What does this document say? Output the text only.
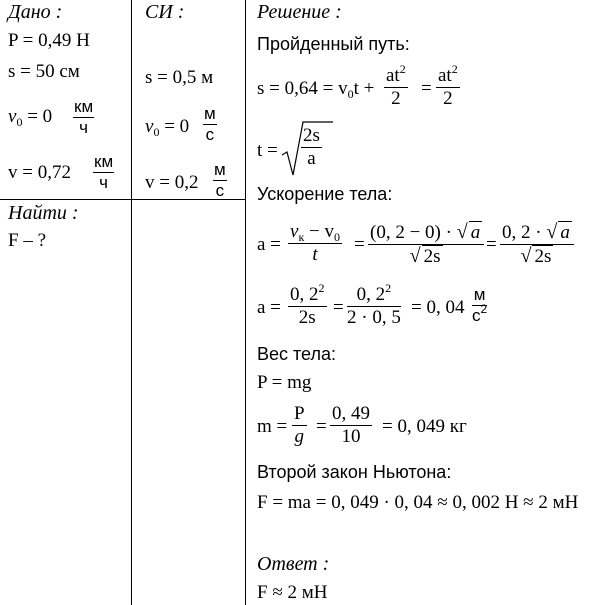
Дано :
P = 0,49 Н
s = 50 см
$v_0 = 0$ км
ч
v = 0,72
км
ч
Найти :
F – ?
СИ :
s = 0,5 м
$v_0 = 0$
м
с
v = 0,2
м
с
Решение :
Пройденный путь:
$s = 0,64 = v_0t + \frac{at^2}{2} = \frac{at^2}{2}$
$t = \frac{2s}{a}$
Ускорение тела:
a =
$v_к - v_0$
t	= $\frac{(0, 2 - 0) \cdot √ a}{√ 2s} = \frac{0, 2 \cdot √ a}{√ 2s}$
$a = \frac{0, 2^2}{2s} = \frac{0, 2^2}{2 \cdot 0, 5} = 0$, 04
м
$с^2$
Вес тела:
P = mg
$m = \frac{P}{g} = \frac{0, 49}{10} = 0$, 049 кг
Второй закон Ньютона:
F = ma = 0, 049 · 0, 04 ≈ 0, 002 Н ≈ 2 мН
Ответ :
F ≈ 2 мН
